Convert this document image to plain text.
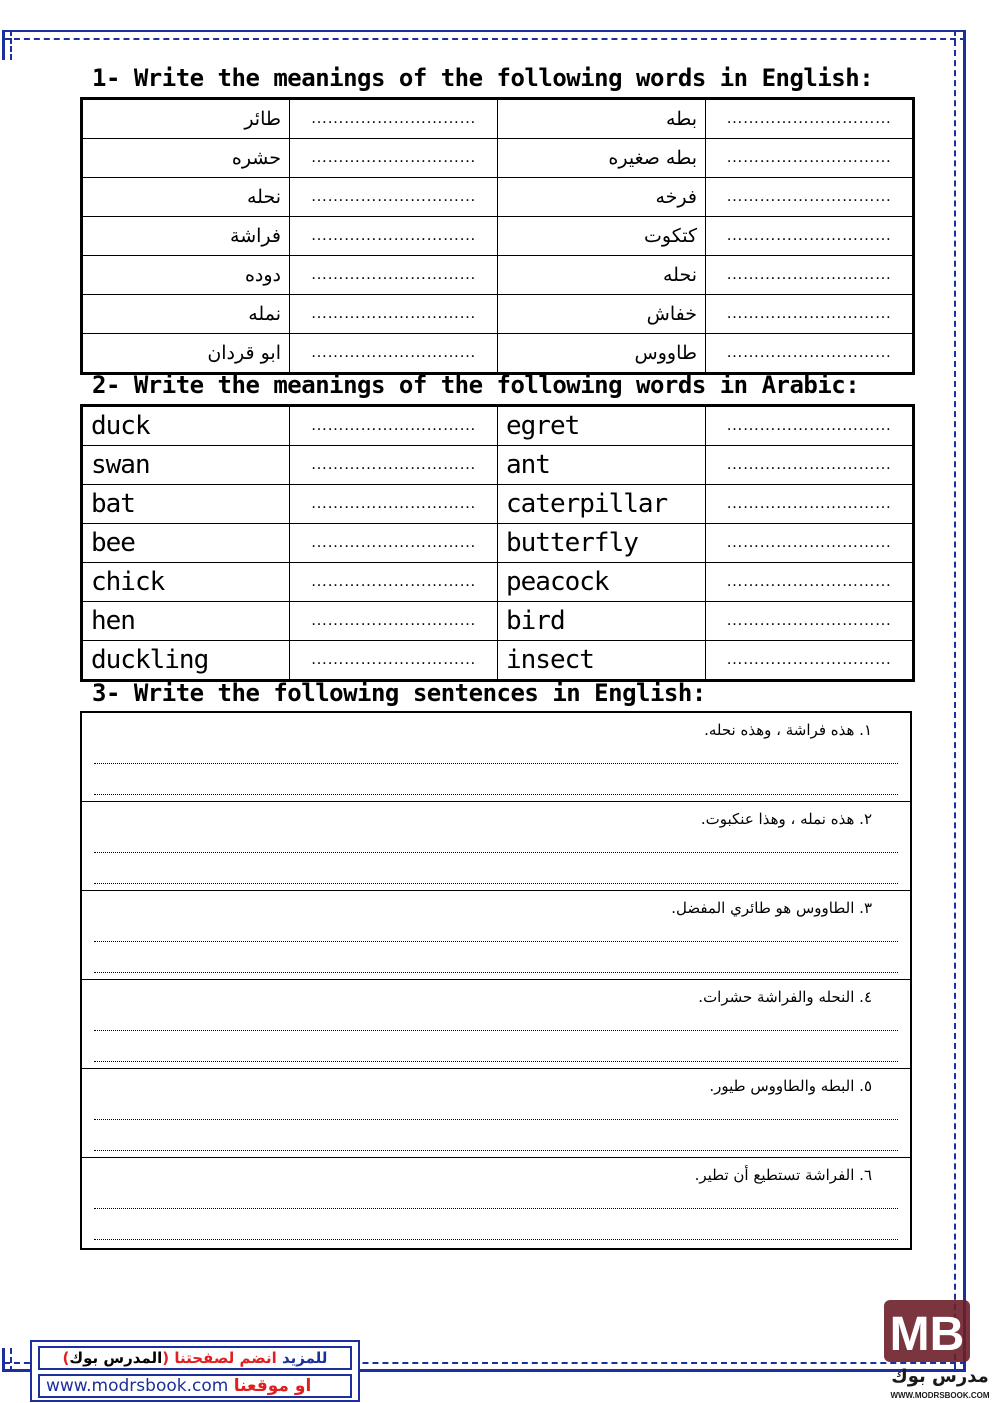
1- Write the meanings of the following words in English:
طائر	…………………………	بطه	…………………………
حشره	…………………………	بطه صغيره	…………………………
نحله	…………………………	فرخه	…………………………
فراشة	…………………………	كتكوت	…………………………
دوده	…………………………	نحله	…………………………
نمله	…………………………	خفاش	…………………………
ابو قردان	…………………………	طاووس	…………………………
2- Write the meanings of the following words in Arabic:
duck	…………………………	egret	…………………………
swan	…………………………	ant	…………………………
bat	…………………………	caterpillar	…………………………
bee	…………………………	butterfly	…………………………
chick	…………………………	peacock	…………………………
hen	…………………………	bird	…………………………
duckling	…………………………	insect	…………………………
3- Write the following sentences in English:
١. هذه فراشة ، وهذه نحله.
٢. هذه نمله ، وهذا عنكبوت.
٣. الطاووس هو طائري المفضل.
٤. النحله والفراشة حشرات.
٥. البطه والطاووس طيور.
٦. الفراشة تستطيع أن تطير.
للمزيد انضم لصفحتنا (المدرس بوك)
www.modrsbook.com او موقعنا
MB
مدرس بوك
WWW.MODRSBOOK.COM
